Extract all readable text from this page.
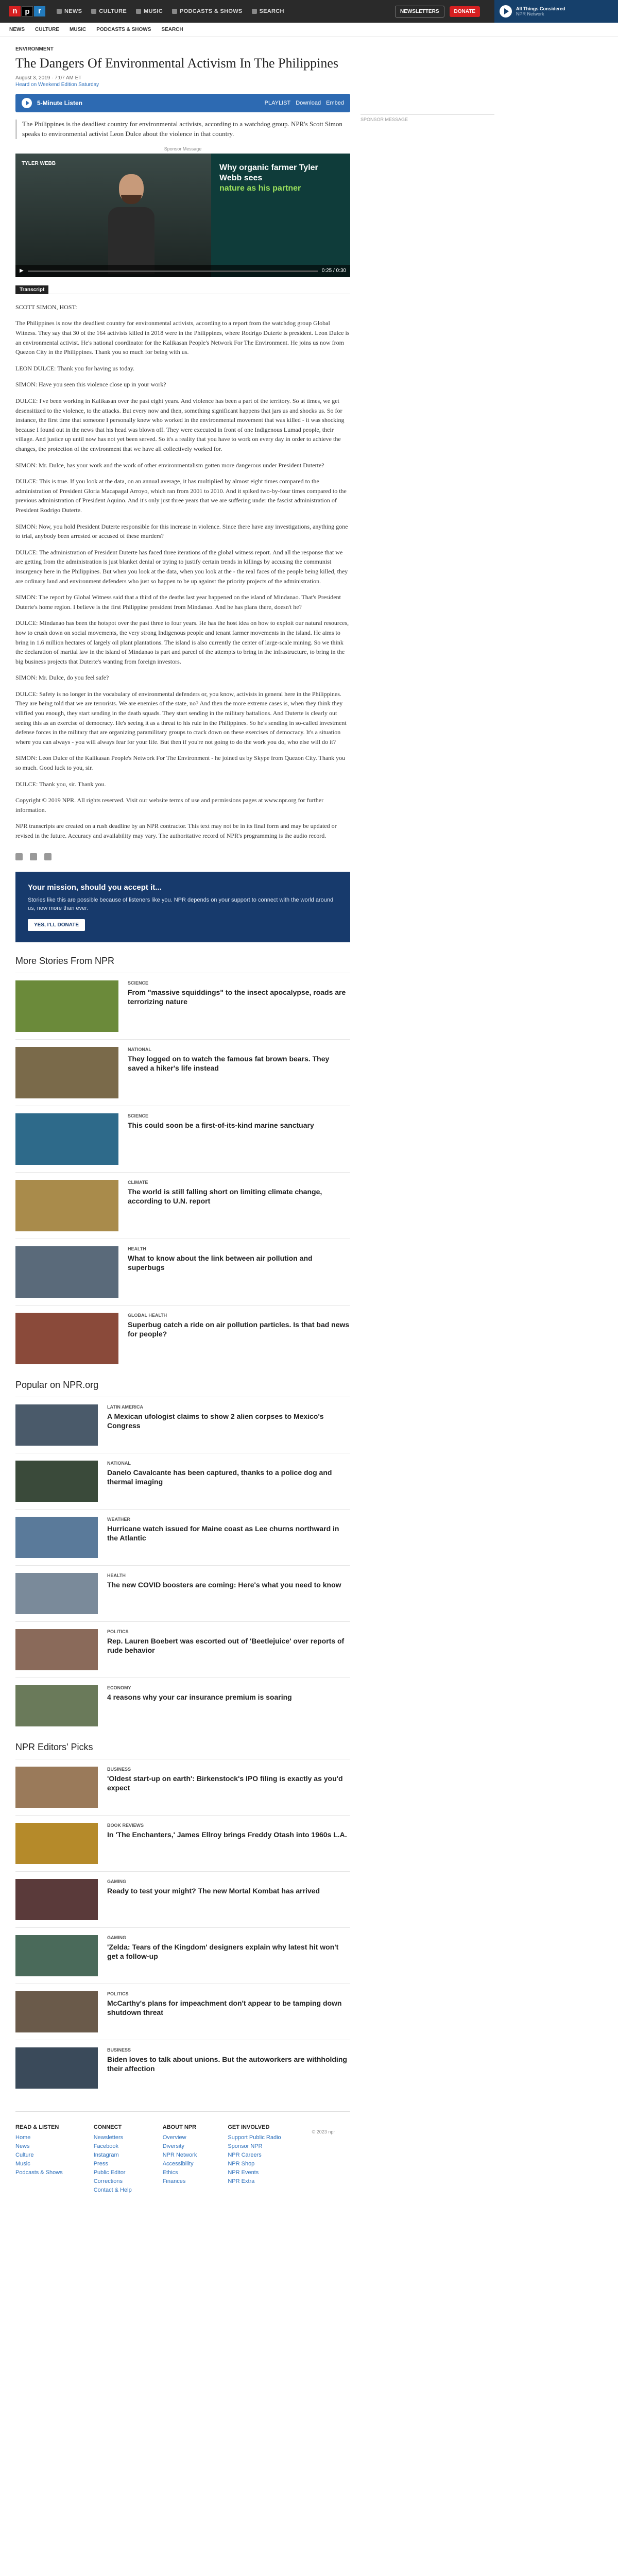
n p	r	NEWS	CULTURE	MUSIC	PODCASTS & SHOWS	SEARCH	NEWSLETTERS	DONATE	All Things Considered
NPR Network
NEWS CULTURE MUSIC PODCASTS & SHOWS SEARCH
SPONSOR MESSAGE
ENVIRONMENT
The Dangers Of Environmental Activism In The Philippines
August 3, 2019 · 7:07 AM ET
Heard on Weekend Edition Saturday
5-Minute Listen	PLAYLIST Download Embed
The Philippines is the deadliest country for environmental activists, according to a watchdog group. NPR's Scott Simon speaks to environmental activist Leon Dulce about the violence in that country.
Sponsor Message
TYLER WEBB	Why organic farmer Tyler Webb sees
nature as his partner
▶	0:25 / 0:30
Transcript

SCOTT SIMON, HOST:

The Philippines is now the deadliest country for environmental activists, according to a report from the watchdog group Global Witness. They say that 30 of the 164 activists killed in 2018 were in the Philippines, where Rodrigo Duterte is president. Leon Dulce is an environmental activist. He's national coordinator for the Kalikasan People's Network For The Environment. He joins us now from Quezon City in the Philippines. Thank you so much for being with us.

LEON DULCE: Thank you for having us today.

SIMON: Have you seen this violence close up in your work?

DULCE: I've been working in Kalikasan over the past eight years. And violence has been a part of the territory. So at times, we get desensitized to the violence, to the attacks. But every now and then, something significant happens that jars us and shocks us. So for instance, the first time that someone I personally knew who worked in the environmental movement that was killed - it was shocking because I found out in the news that his head was blown off. They were executed in front of one Indigenous Lumad people, their village. And justice up until now has not yet been served. So it's a reality that you have to work on every day in order to achieve the changes, the protection of the environment that we have all collectively worked for.

SIMON: Mr. Dulce, has your work and the work of other environmentalism gotten more dangerous under President Duterte?

DULCE: This is true. If you look at the data, on an annual average, it has multiplied by almost eight times compared to the administration of President Gloria Macapagal Arroyo, which ran from 2001 to 2010. And it spiked two-by-four times compared to the previous administration of President Aquino. And it's only just three years that we are suffering under the fascist administration of President Rodrigo Duterte.

SIMON: Now, you hold President Duterte responsible for this increase in violence. Since there have any investigations, anything gone to trial, anybody been arrested or accused of these murders?

DULCE: The administration of President Duterte has faced three iterations of the global witness report. And all the response that we are getting from the administration is just blanket denial or trying to justify certain trends in killings by accusing the communist insurgency here in the Philippines. But when you look at the data, when you look at the - the real faces of the people being killed, they are ordinary land and environment defenders who just so happen to be up against the priority projects of the administration.

SIMON: The report by Global Witness said that a third of the deaths last year happened on the island of Mindanao. That's President Duterte's home region. I believe is the first Philippine president from Mindanao. And he has plans there, doesn't he?

DULCE: Mindanao has been the hotspot over the past three to four years. He has the host idea on how to exploit our natural resources, how to crush down on social movements, the very strong Indigenous people and tenant farmer movements in the island. He aims to bring in 1.6 million hectares of largely oil plant plantations. The island is also currently the center of large-scale mining. So we think the declaration of martial law in the island of Mindanao is part and parcel of the attempts to bring in the infrastructure, to bring in the big business projects that Duterte's wanting from foreign investors.

SIMON: Mr. Dulce, do you feel safe?

DULCE: Safety is no longer in the vocabulary of environmental defenders or, you know, activists in general here in the Philippines. They are being told that we are terrorists. We are enemies of the state, no? And then the more extreme cases is, when they think they vilified you enough, they start sending in the death squads. They start sending in the military battalions. And Duterte is clearly out seeing this as an exercise of democracy. He's seeing it as a threat to his rule in the Philippines. So he's sending in so-called investment defense forces in the military that are organizing paramilitary groups to crack down on these exercises of democracy. It's a situation where you can always - you will always fear for your life. But then if you're not going to do the work you do, who else will do it?

SIMON: Leon Dulce of the Kalikasan People's Network For The Environment - he joined us by Skype from Quezon City. Thank you so much. Good luck to you, sir.

DULCE: Thank you, sir. Thank you.

Copyright © 2019 NPR. All rights reserved. Visit our website terms of use and permissions pages at www.npr.org for further information.

NPR transcripts are created on a rush deadline by an NPR contractor. This text may not be in its final form and may be updated or revised in the future. Accuracy and availability may vary. The authoritative record of NPR's programming is the audio record.

Your mission, should you accept it...

Stories like this are possible because of listeners like you. NPR depends on your support to connect with the world around us, now more than ever.

YES, I'LL DONATE
More Stories From NPR
SCIENCE
From "massive squiddings" to the insect apocalypse, roads are terrorizing nature
NATIONAL
They logged on to watch the famous fat brown bears. They saved a hiker's life instead
SCIENCE
This could soon be a first-of-its-kind marine sanctuary
CLIMATE
The world is still falling short on limiting climate change, according to U.N. report
HEALTH
What to know about the link between air pollution and superbugs
GLOBAL HEALTH
Superbug catch a ride on air pollution particles. Is that bad news for people?
Popular on NPR.org
LATIN AMERICA
A Mexican ufologist claims to show 2 alien corpses to Mexico's Congress
NATIONAL
Danelo Cavalcante has been captured, thanks to a police dog and thermal imaging
WEATHER
Hurricane watch issued for Maine coast as Lee churns northward in the Atlantic
HEALTH
The new COVID boosters are coming: Here's what you need to know
POLITICS
Rep. Lauren Boebert was escorted out of 'Beetlejuice' over reports of rude behavior
ECONOMY
4 reasons why your car insurance premium is soaring
NPR Editors' Picks
BUSINESS
'Oldest start-up on earth': Birkenstock's IPO filing is exactly as you'd expect
BOOK REVIEWS
In 'The Enchanters,' James Ellroy brings Freddy Otash into 1960s L.A.
GAMING
Ready to test your might? The new Mortal Kombat has arrived
GAMING
'Zelda: Tears of the Kingdom' designers explain why latest hit won't get a follow-up
POLITICS
McCarthy's plans for impeachment don't appear to be tamping down shutdown threat
BUSINESS
Biden loves to talk about unions. But the autoworkers are withholding their affection
READ & LISTEN
Home
News
Culture
Music
Podcasts & Shows
CONNECT
Newsletters
Facebook
Instagram
Press
Public Editor
Corrections
Contact & Help
ABOUT NPR
Overview
Diversity
NPR Network
Accessibility
Ethics
Finances
GET INVOLVED
Support Public Radio
Sponsor NPR
NPR Careers
NPR Shop
NPR Events
NPR Extra
© 2023 npr
